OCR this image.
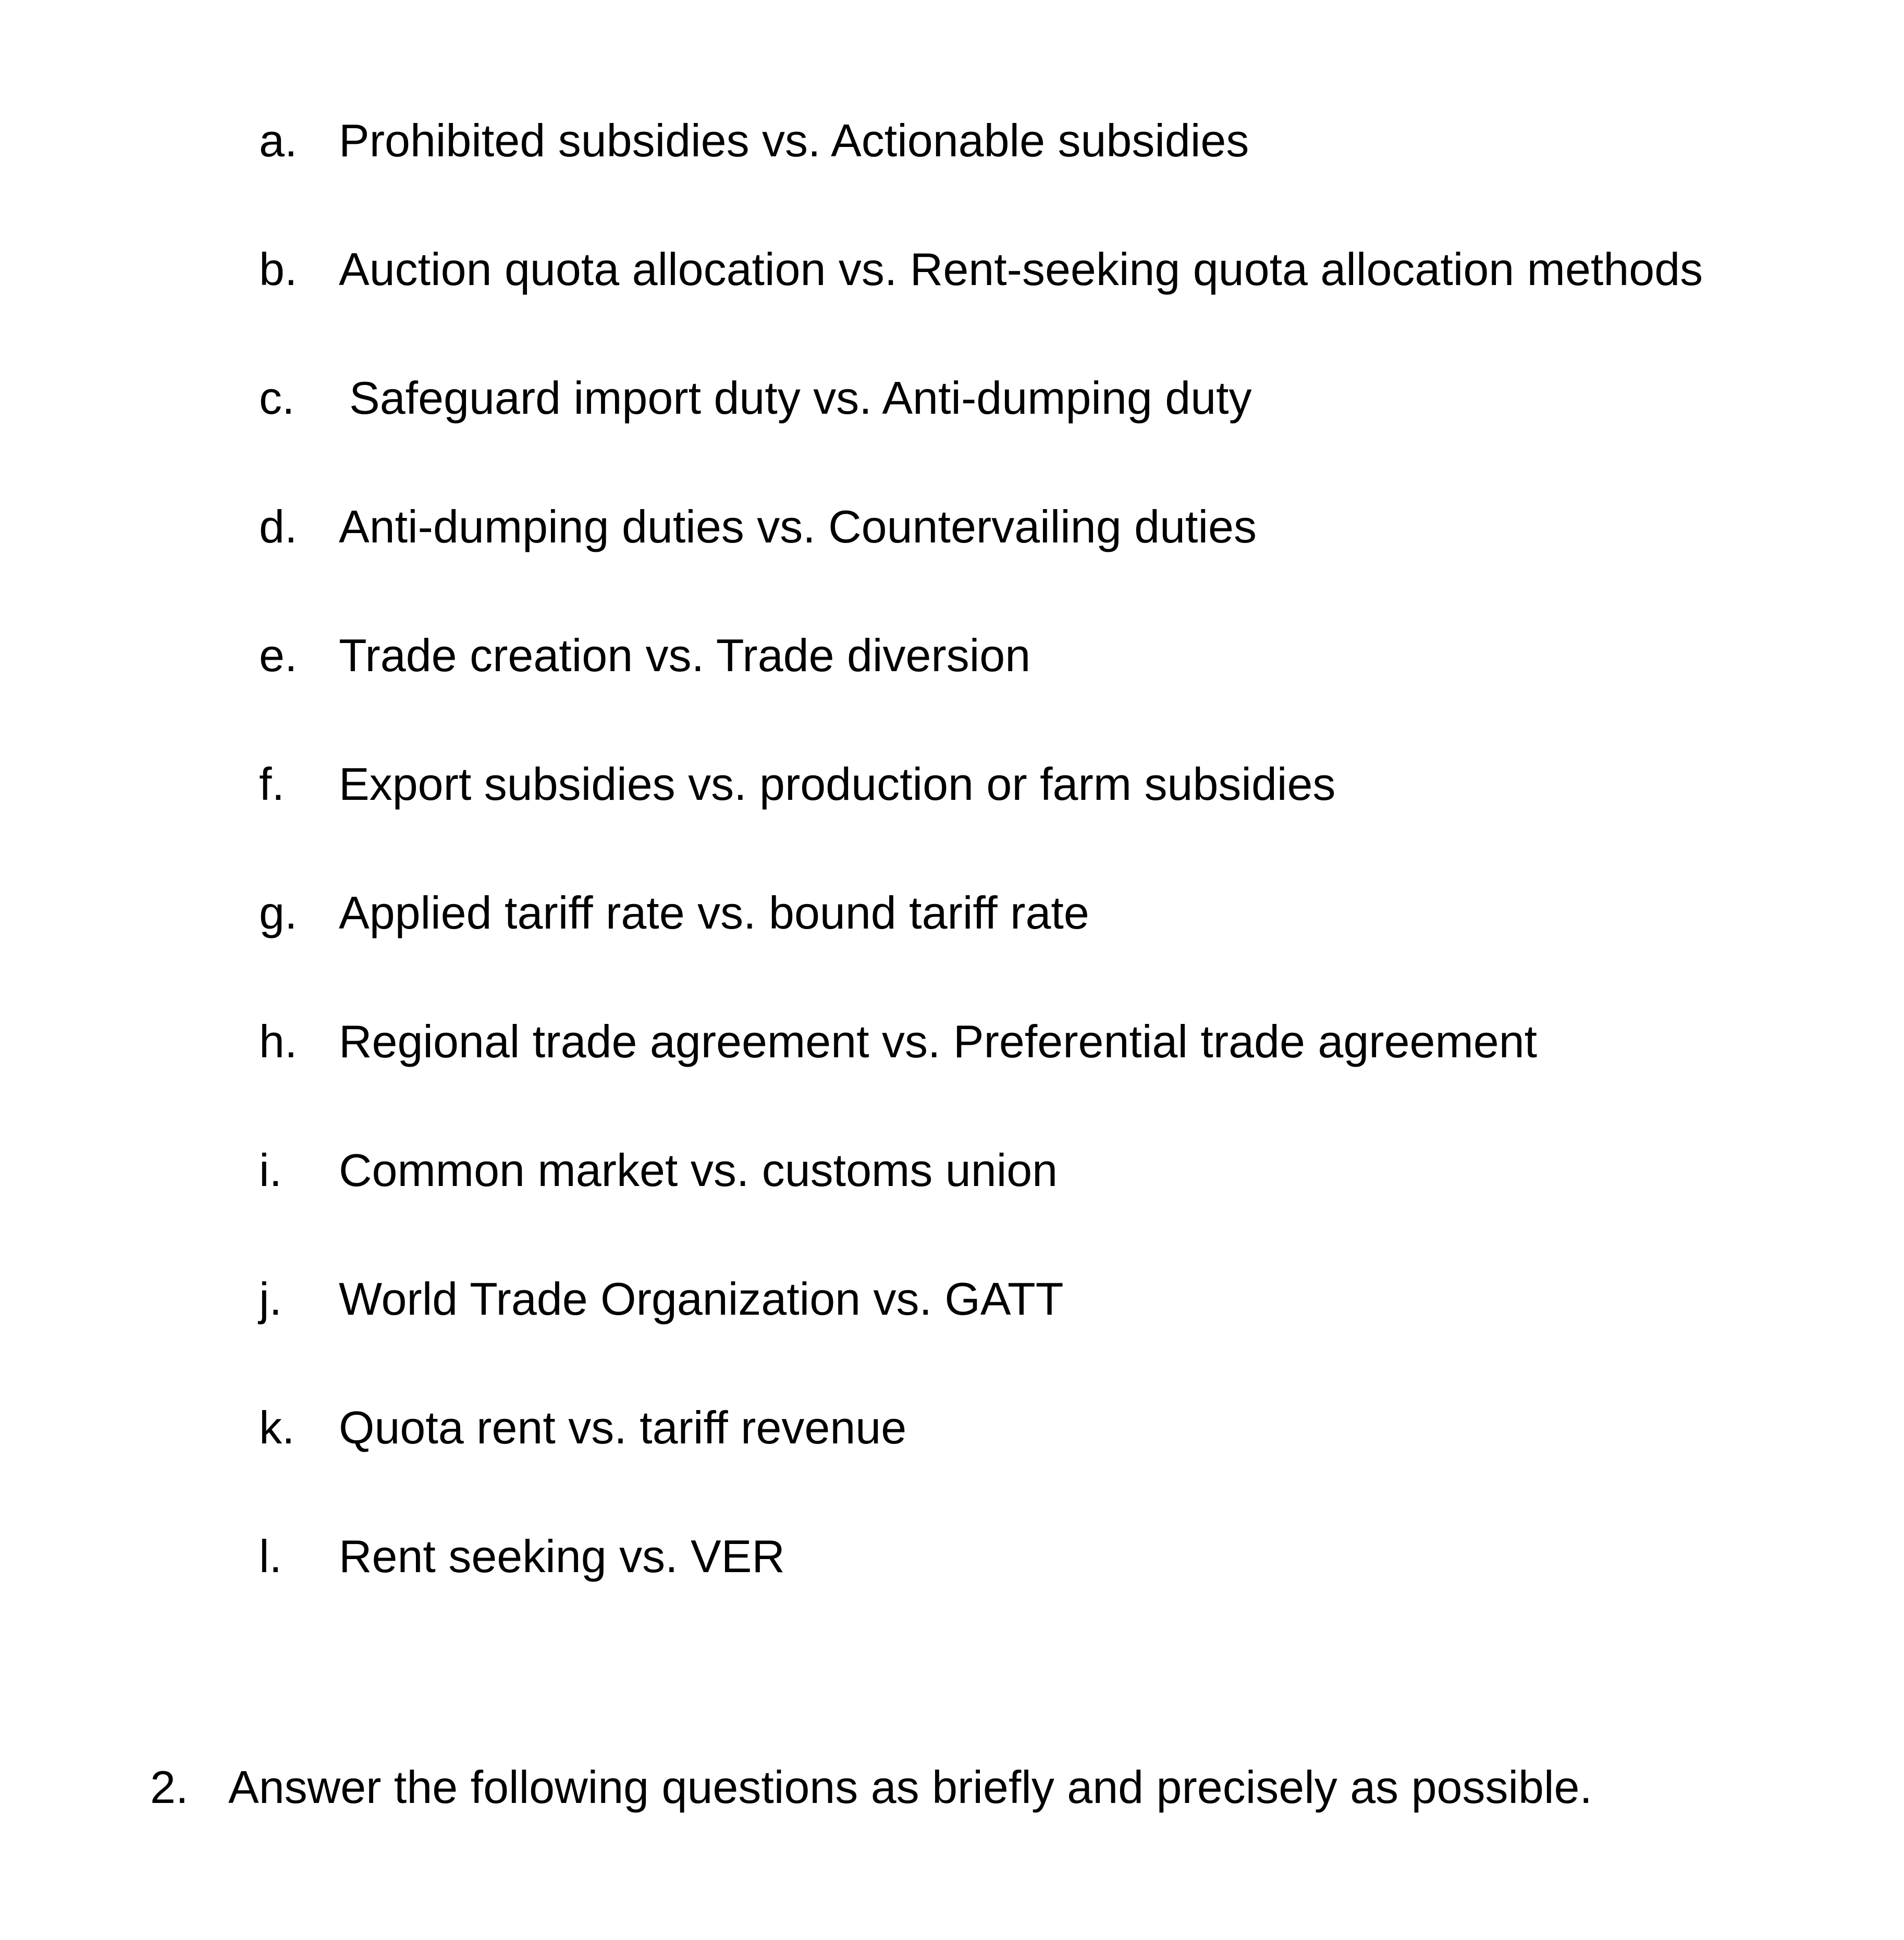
a. Prohibited subsidies vs. Actionable subsidies
b. Auction quota allocation vs. Rent-seeking quota allocation methods
c. Safeguard import duty vs. Anti-dumping duty
d. Anti-dumping duties vs. Countervailing duties
e. Trade creation vs. Trade diversion
f. Export subsidies vs. production or farm subsidies
g. Applied tariff rate vs. bound tariff rate
h. Regional trade agreement vs. Preferential trade agreement
i. Common market vs. customs union
j. World Trade Organization vs. GATT
k. Quota rent vs. tariff revenue
l. Rent seeking vs. VER
2. Answer the following questions as briefly and precisely as possible.
